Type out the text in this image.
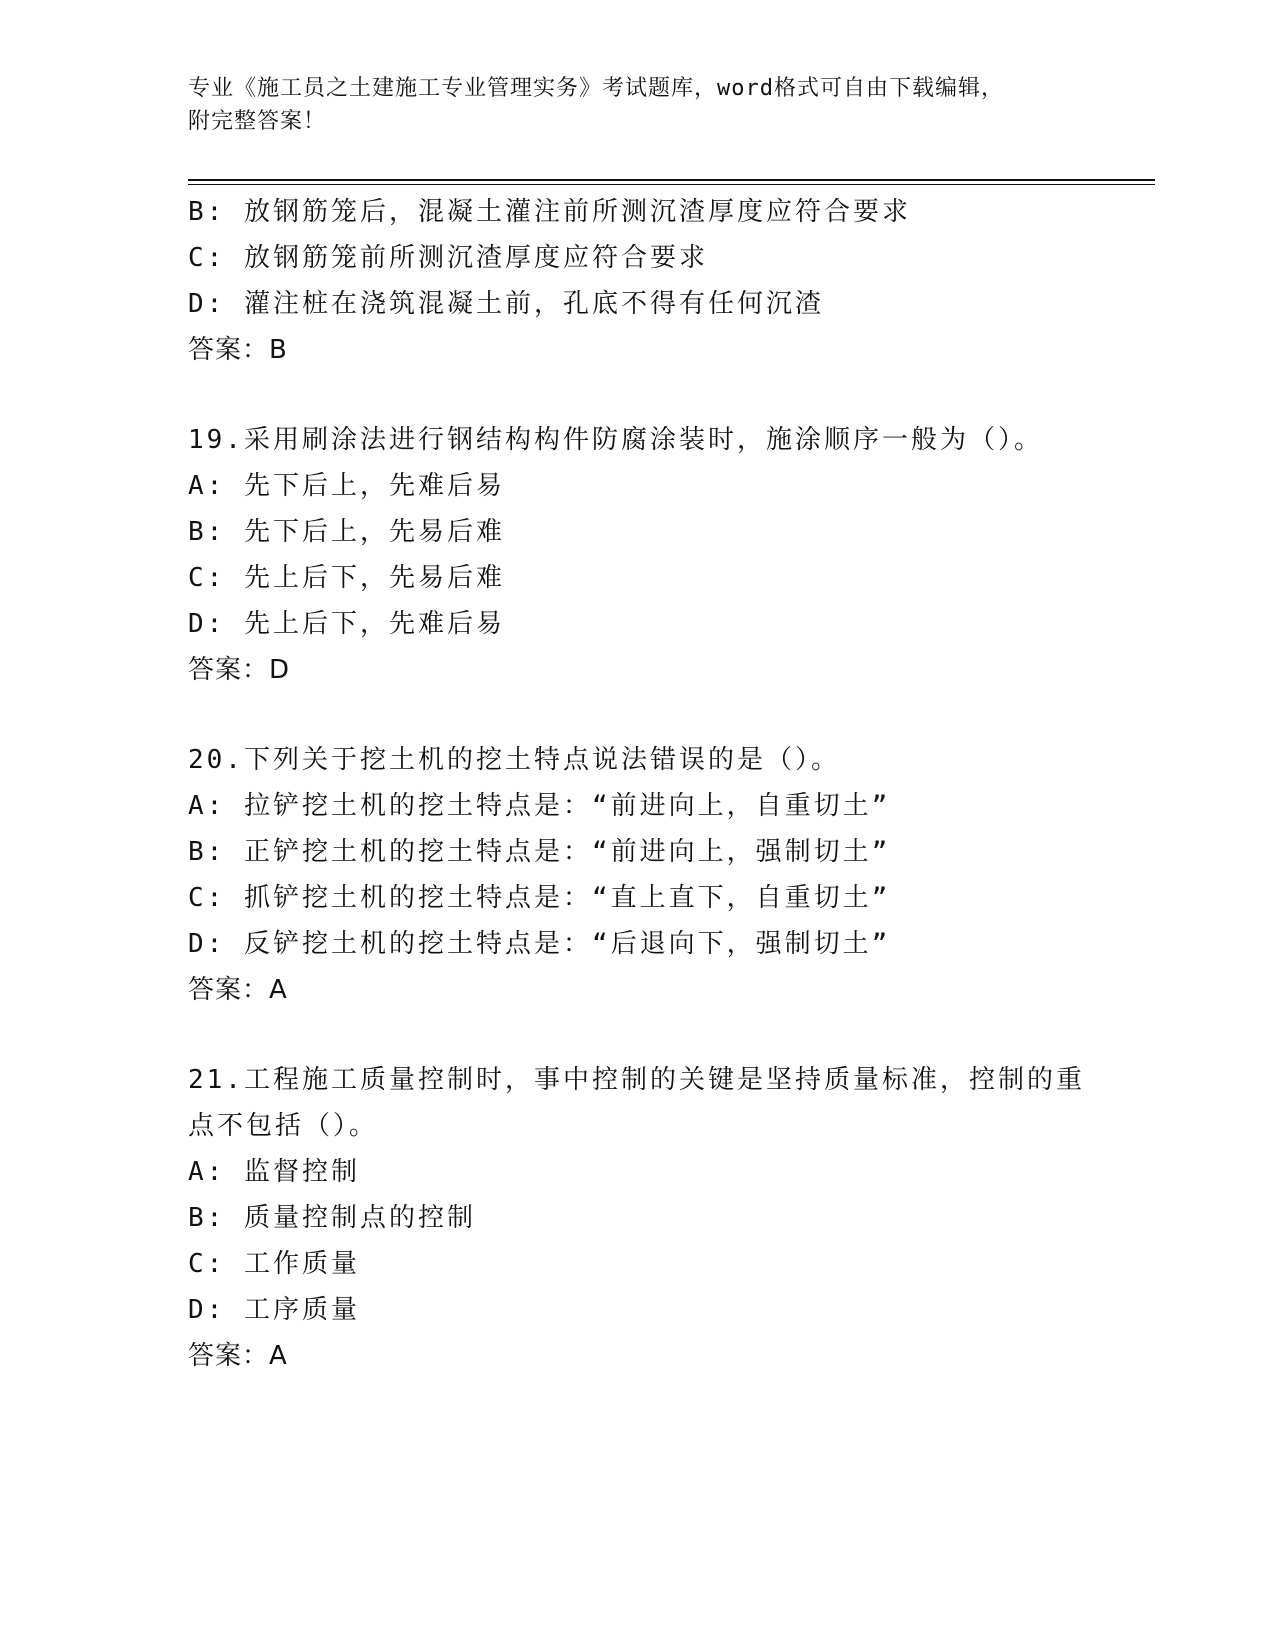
专业《施工员之土建施工专业管理实务》考试题库，word格式可自由下载编辑，
附完整答案！
B: 放钢筋笼后，混凝土灌注前所测沉渣厚度应符合要求
C: 放钢筋笼前所测沉渣厚度应符合要求
D: 灌注桩在浇筑混凝土前，孔底不得有任何沉渣
答案：B
19.采用刷涂法进行钢结构构件防腐涂装时，施涂顺序一般为（）。
A: 先下后上，先难后易
B: 先下后上，先易后难
C: 先上后下，先易后难
D: 先上后下，先难后易
答案：D
20.下列关于挖土机的挖土特点说法错误的是（）。
A: 拉铲挖土机的挖土特点是：“前进向上，自重切土”
B: 正铲挖土机的挖土特点是：“前进向上，强制切土”
C: 抓铲挖土机的挖土特点是：“直上直下，自重切土”
D: 反铲挖土机的挖土特点是：“后退向下，强制切土”
答案：A
21.工程施工质量控制时，事中控制的关键是坚持质量标准，控制的重
点不包括（）。
A: 监督控制
B: 质量控制点的控制
C: 工作质量
D: 工序质量
答案：A
